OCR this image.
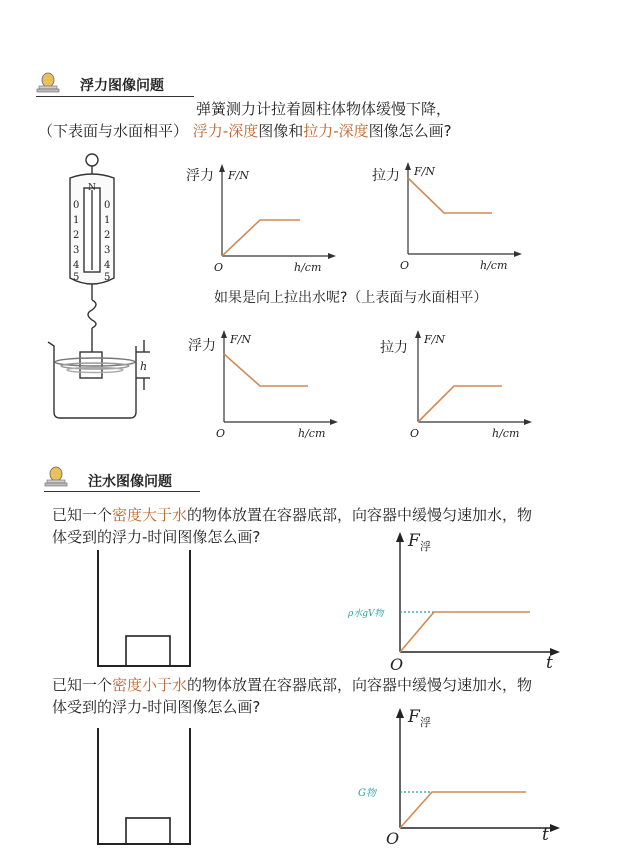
浮力图像问题
弹簧测力计拉着圆柱体物体缓慢下降，
（下表面与水面相平） 浮力-深度图像和拉力-深度图像怎么画?
N
0
1
2
3
4
5
0
1
2
3
4
5
h
浮力 F/N
h/cm
O
拉力 F/N
h/cm
O
如果是向上拉出水呢?（上表面与水面相平）
浮力 F/N
h/cm
O
拉力
F/N
h/cm
O
注水图像问题
已知一个密度大于水的物体放置在容器底部，向容器中缓慢匀速加水，物
体受到的浮力-时间图像怎么画?	F 浮
t
O
ρ水gV物
已知一个密度小于水的物体放置在容器底部，向容器中缓慢匀速加水，物
体受到的浮力-时间图像怎么画?	F 浮
t
O
G物
